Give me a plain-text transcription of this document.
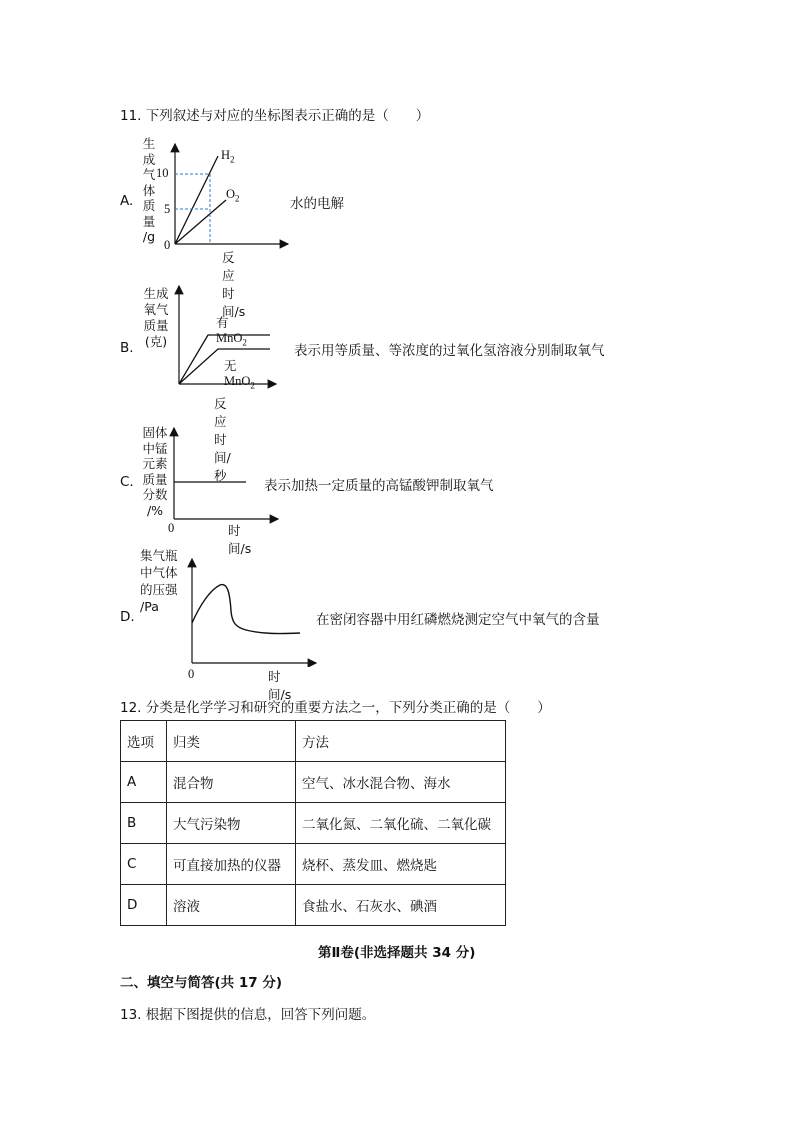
11. 下列叙述与对应的坐标图表示正确的是（　　）
A.
生
成
气
体
质
量
/g
10
5
0
$H_2$
$O_2$
反应时间/s
水的电解
B.
生成
氧气
质量
(克)
有MnO$_2$
无MnO$_2$
反应时间/秒
表示用等质量、等浓度的过氧化氢溶液分别制取氧气
C.
固体
中锰
元素
质量
分数
/%
0	时间/s
表示加热一定质量的高锰酸钾制取氧气
D.
集气瓶
中气体
的压强
/Pa
0	时间/s
在密闭容器中用红磷燃烧测定空气中氧气的含量
12. 分类是化学学习和研究的重要方法之一，下列分类正确的是（　　）
选项	归类	方法
A	混合物	空气、冰水混合物、海水
B	大气污染物	二氧化氮、二氧化硫、二氧化碳
C	可直接加热的仪器	烧杯、蒸发皿、燃烧匙
D	溶液	食盐水、石灰水、碘酒
第Ⅱ卷(非选择题共 34 分)
二、填空与简答(共 17 分)
13. 根据下图提供的信息，回答下列问题。
